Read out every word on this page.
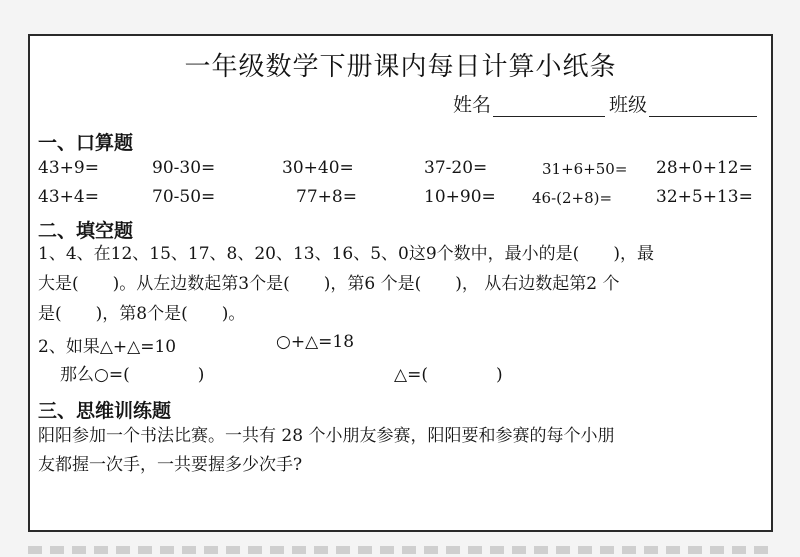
一年级数学下册课内每日计算小纸条
姓名	班级
一、口算题
43+9=	90-30=	30+40=	37-20=	31+6+50= 28+0+12=
43+4=	70-50=	77+8=	10+90= 46-(2+8)=	32+5+13=
二、填空题
1、4、在12、15、17、8、20、13、16、5、0这9个数中，最小的是(　　)，最
大是(　　)。从左边数起第3个是(　　)，第6 个是(　　)， 从右边数起第2 个
是(　　)，第8个是(　　)。
2、如果△+△=10	○+△=18
那么○=(　　　　)	△=(　　　　)
三、思维训练题
阳阳参加一个书法比赛。一共有 28 个小朋友参赛，阳阳要和参赛的每个小朋
友都握一次手，一共要握多少次手?
